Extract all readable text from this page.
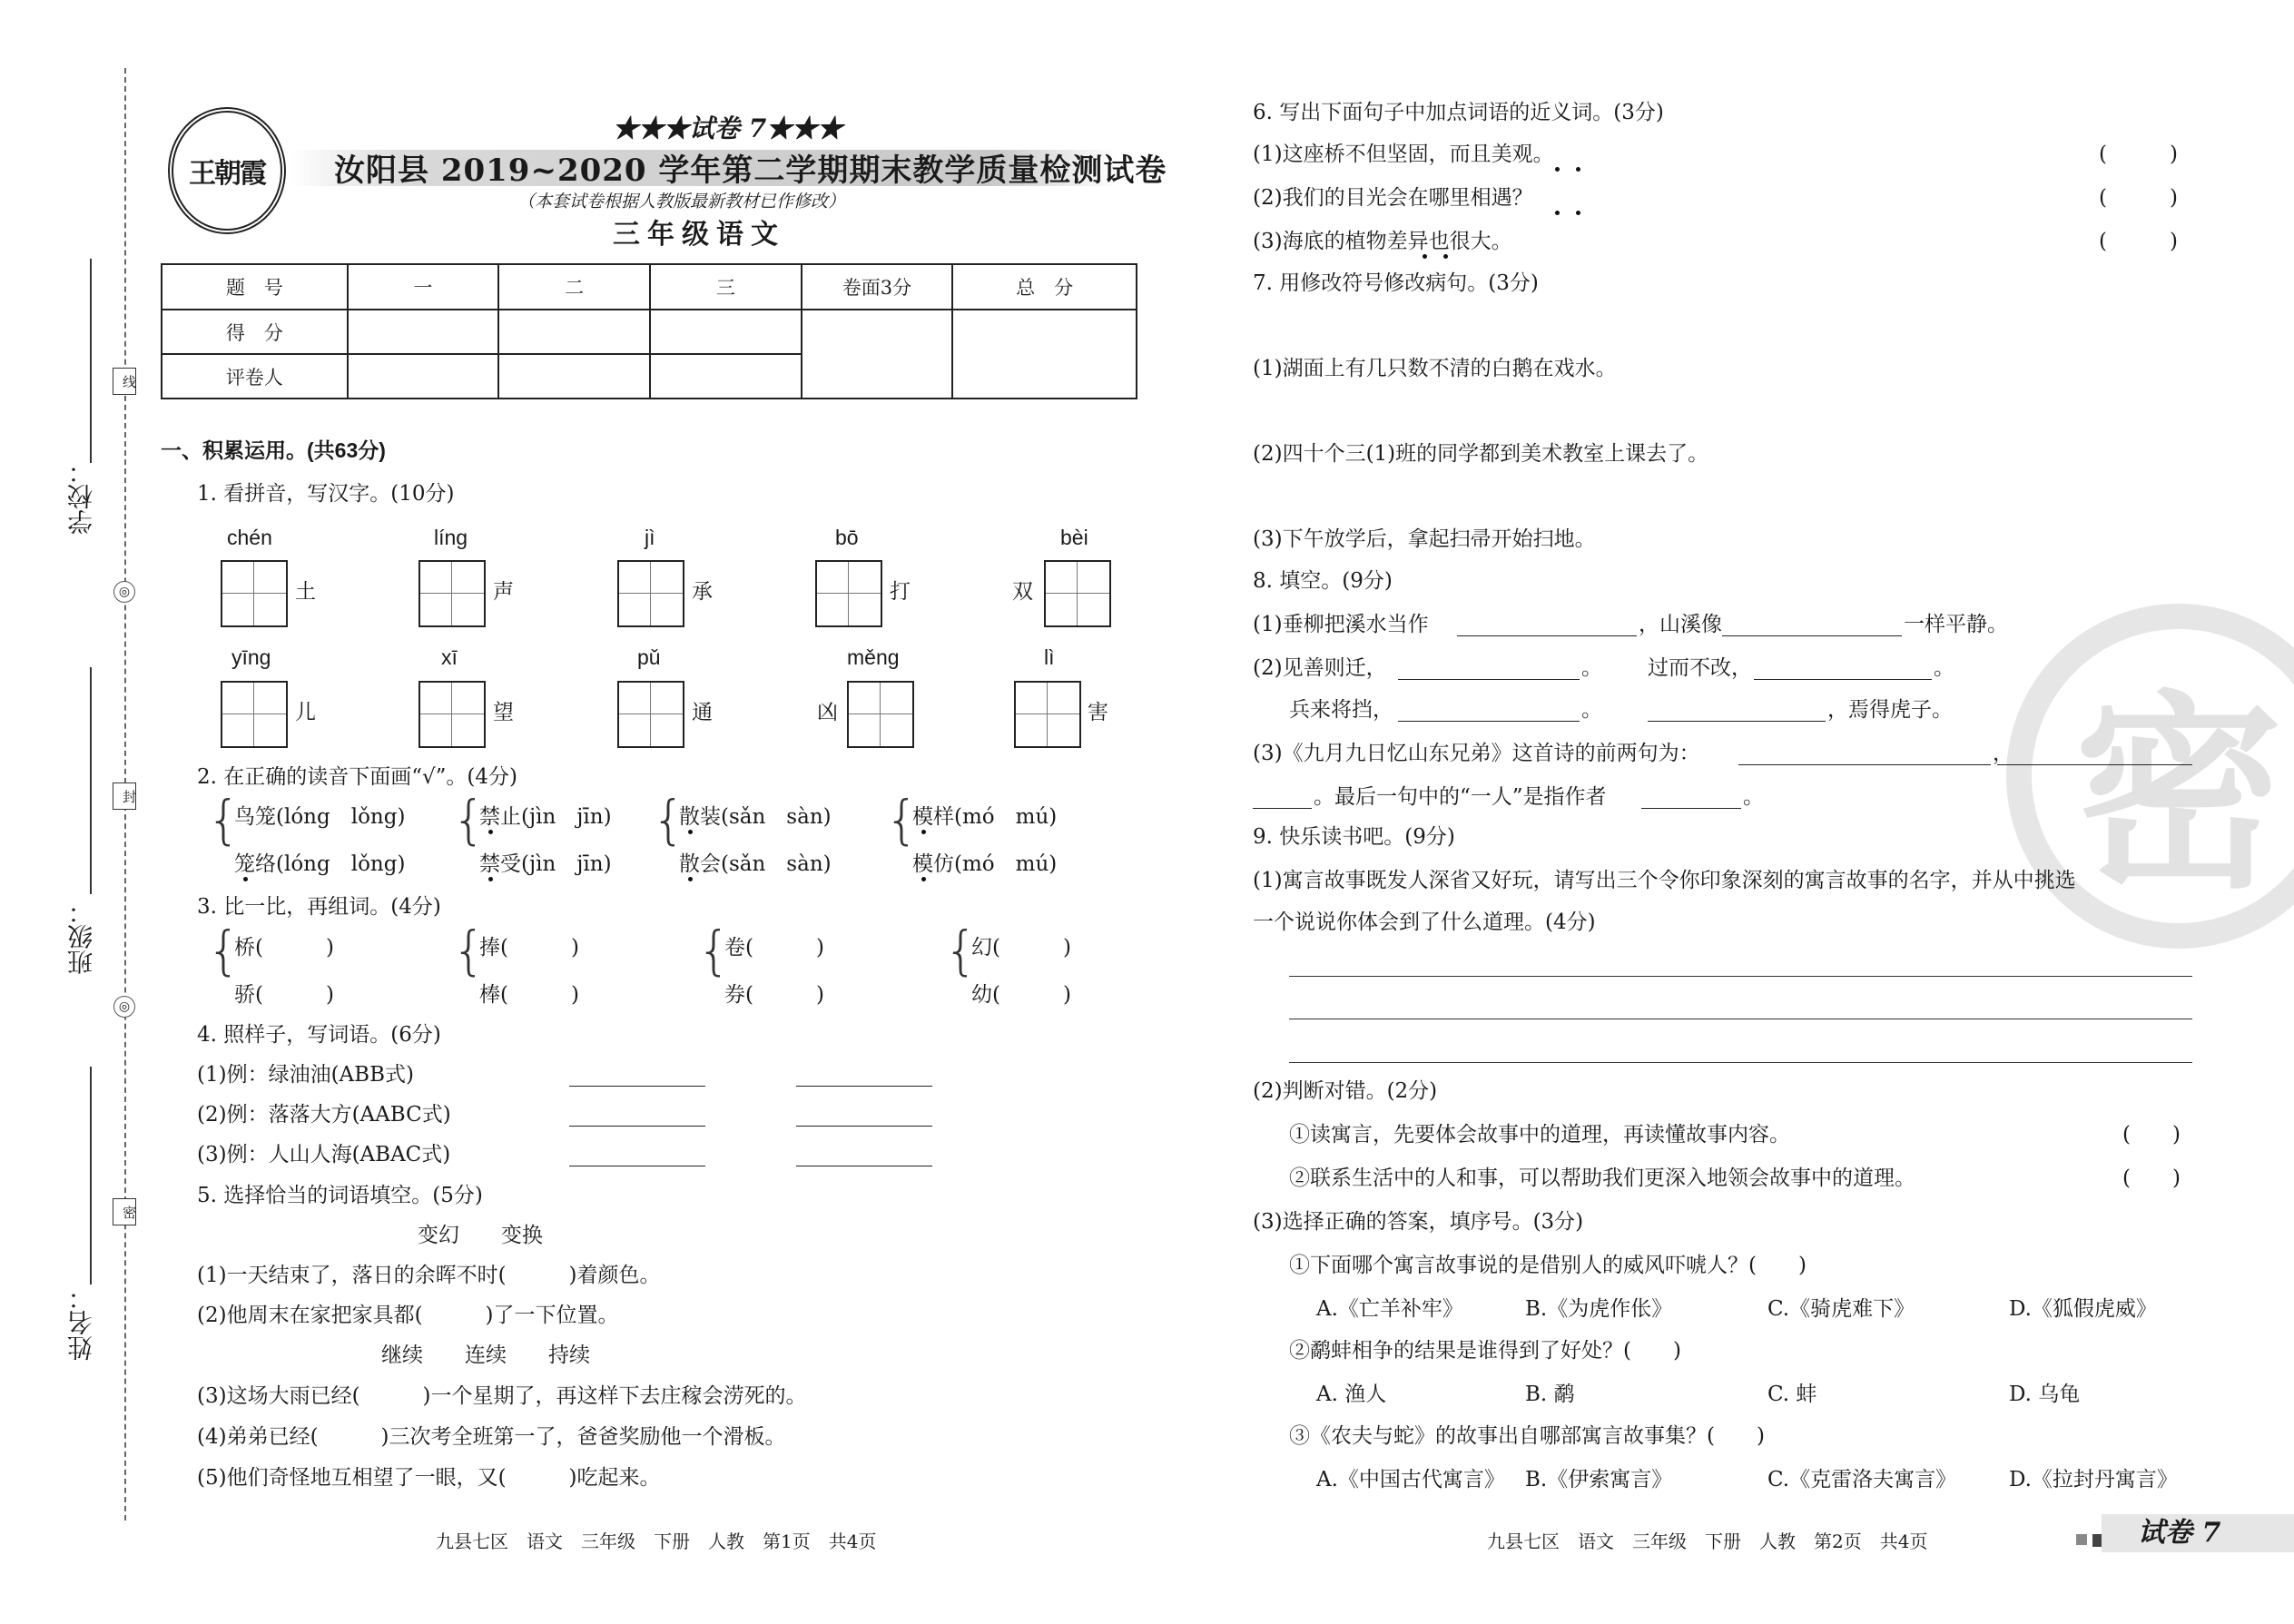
学校：
班级：
姓名：
线
封
密
◎
◎
王朝霞
★★★试卷 7★★★
汝阳县 2019~2020 学年第二学期期末教学质量检测试卷
（本套试卷根据人教版最新教材已作修改）
三年级语文
题　号	一	二	三	卷面3分	总　分
得　分					
评卷人					
一、积累运用。(共63分)
1. 看拼音，写汉字。(10分)
chén
土
líng
声
jì
承
bō
打
bèi
双
yīng
儿
xī
望
pǔ
通
měng
凶
lì
害
2. 在正确的读音下面画“√”。(4分)
{
鸟笼(lóng　lǒng)
笼络(lóng　lǒng)
{
禁止(jìn　jīn)
禁受(jìn　jīn)
{
散装(sǎn　sàn)
散会(sǎn　sàn)
{
模样(mó　mú)
模仿(mó　mú)
3. 比一比，再组词。(4分)
{
桥(　　　)
骄(　　　)
{
捧(　　　)
棒(　　　)
{
卷(　　　)
券(　　　)
{
幻(　　　)
幼(　　　)
4. 照样子，写词语。(6分)
(1)例：绿油油(ABB式)
(2)例：落落大方(AABC式)
(3)例：人山人海(ABAC式)
5. 选择恰当的词语填空。(5分)
变幻　　变换
(1)一天结束了，落日的余晖不时(　　　)着颜色。
(2)他周末在家把家具都(　　　)了一下位置。
继续　　连续　　持续
(3)这场大雨已经(　　　)一个星期了，再这样下去庄稼会涝死的。
(4)弟弟已经(　　　)三次考全班第一了，爸爸奖励他一个滑板。
(5)他们奇怪地互相望了一眼，又(　　　)吃起来。
九县七区　语文　三年级　下册　人教　第1页　共4页
密
6. 写出下面句子中加点词语的近义词。(3分)
(1)这座桥不但坚固，而且美观。	(　　　)
(2)我们的目光会在哪里相遇？	(　　　)
(3)海底的植物差异也很大。	(　　　)
7. 用修改符号修改病句。(3分)
(1)湖面上有几只数不清的白鹅在戏水。
(2)四十个三(1)班的同学都到美术教室上课去了。
(3)下午放学后，拿起扫帚开始扫地。
8. 填空。(9分)
(1)垂柳把溪水当作	，山溪像	一样平静。
(2)见善则迁，	。 过而不改，	。
兵来将挡，	。	，焉得虎子。
(3)《九月九日忆山东兄弟》这首诗的前两句为：	，
。最后一句中的“一人”是指作者	。
9. 快乐读书吧。(9分)
(1)寓言故事既发人深省又好玩，请写出三个令你印象深刻的寓言故事的名字，并从中挑选
一个说说你体会到了什么道理。(4分)
(2)判断对错。(2分)
①读寓言，先要体会故事中的道理，再读懂故事内容。	(　　)
②联系生活中的人和事，可以帮助我们更深入地领会故事中的道理。	(　　)
(3)选择正确的答案，填序号。(3分)
①下面哪个寓言故事说的是借别人的威风吓唬人？(　　)
A.《亡羊补牢》	B.《为虎作伥》	C.《骑虎难下》	D.《狐假虎威》
②鹬蚌相争的结果是谁得到了好处？(　　)
A. 渔人	B. 鹬	C. 蚌	D. 乌龟
③《农夫与蛇》的故事出自哪部寓言故事集？(　　)
A.《中国古代寓言》 B.《伊索寓言》	C.《克雷洛夫寓言》	D.《拉封丹寓言》
九县七区　语文　三年级　下册　人教　第2页　共4页	试卷 7
